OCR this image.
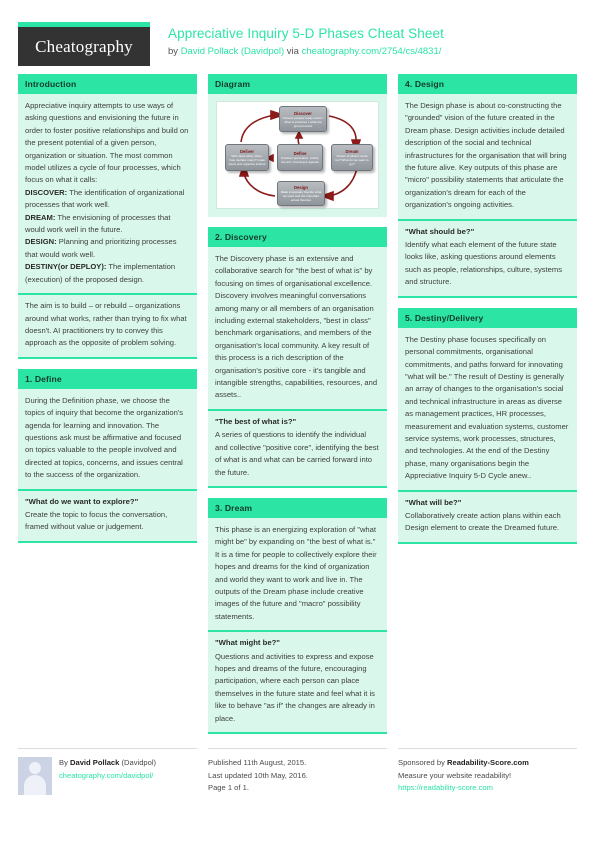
Cheatography
Appreciative Inquiry 5-D Phases Cheat Sheet
by David Pollack (Davidpol) via cheatography.com/2754/cs/4831/
Introduction

Appreciative inquiry attempts to use ways of asking questions and envisioning the future in order to foster positive relationships and build on the present potential of a given person, organization or situation. The most common model utilizes a cycle of four processes, which focus on what it calls:

DISCOVER: The identification of organizational processes that work well.

DREAM: The envisioning of processes that would work well in the future.

DESIGN: Planning and prioritizing processes that would work well.

DESTINY(or DEPLOY): The implementation (execution) of the proposed design.

The aim is to build – or rebuild – organizations around what works, rather than trying to fix what doesn't. AI practitioners try to convey this approach as the opposite of problem solving.

1. Define

During the Definition phase, we choose the topics of inquiry that become the organization's agenda for learning and innovation. The questions ask must be affirmative and focused on topics valuable to the people involved and directed at topics, concerns, and issues central to the success of the organization.

"What do we want to explore?"

Create the topic to focus the conversation, framed without value or judgement.

Diagram
Discover
Choose people/ really works / what to preserve / what are good process
Dream
Dream of what it could be? What do we want to go?
Design
Make proposals. Decide what we want and the important actual theories
Deliver
Who does what, when, how, declare many? make plans and organize actions
Define
Positive/ generative. Clarify the aim. Framing & agenda
2. Discovery

The Discovery phase is an extensive and collaborative search for "the best of what is" by focusing on times of organisational excellence. Discovery involves meaningful conversations among many or all members of an organisation including external stakeholders, "best in class" benchmark organisations, and members of the organisation's local community. A key result of this process is a rich description of the organisation's positive core - it's tangible and intangible strengths, capabilities, resources, and assets..

"The best of what is?"

A series of questions to identify the individual and collective "positive core", identifying the best of what is and what can be carried forward into the future.

3. Dream

This phase is an energizing exploration of "what might be" by expanding on "the best of what is." It is a time for people to collectively explore their hopes and dreams for the kind of organization and world they want to work and live in. The outputs of the Dream phase include creative images of the future and "macro" possibility statements.

"What might be?"

Questions and activities to express and expose hopes and dreams of the future, encouraging participation, where each person can place themselves in the future state and feel what it is like to behave "as if" the changes are already in place.

4. Design

The Design phase is about co-constructing the "grounded" vision of the future created in the Dream phase. Design activities include detailed description of the social and technical infrastructures for the organisation that will bring the future alive. Key outputs of this phase are "micro" possibility statements that articulate the organization's dream for each of the organization's ongoing activities.

"What should be?"

Identify what each element of the future state looks like, asking questions around elements such as people, relationships, culture, systems and structure.

5. Destiny/Delivery

The Destiny phase focuses specifically on personal commitments, organisational commitments, and paths forward for innovating "what will be." The result of Destiny is generally an array of changes to the organisation's social and technical infrastructure in areas as diverse as management practices, HR processes, measurement and evaluation systems, customer service systems, work processes, structures, and technologies. At the end of the Destiny phase, many organisations begin the Appreciative Inquiry 5-D Cycle anew..

"What will be?"

Collaboratively create action plans within each Design element to create the Dreamed future.

By David Pollack (Davidpol)
cheatography.com/davidpol/
Published 11th August, 2015.
Last updated 10th May, 2016.
Page 1 of 1.
Sponsored by Readability-Score.com
Measure your website readability!
https://readability-score.com
